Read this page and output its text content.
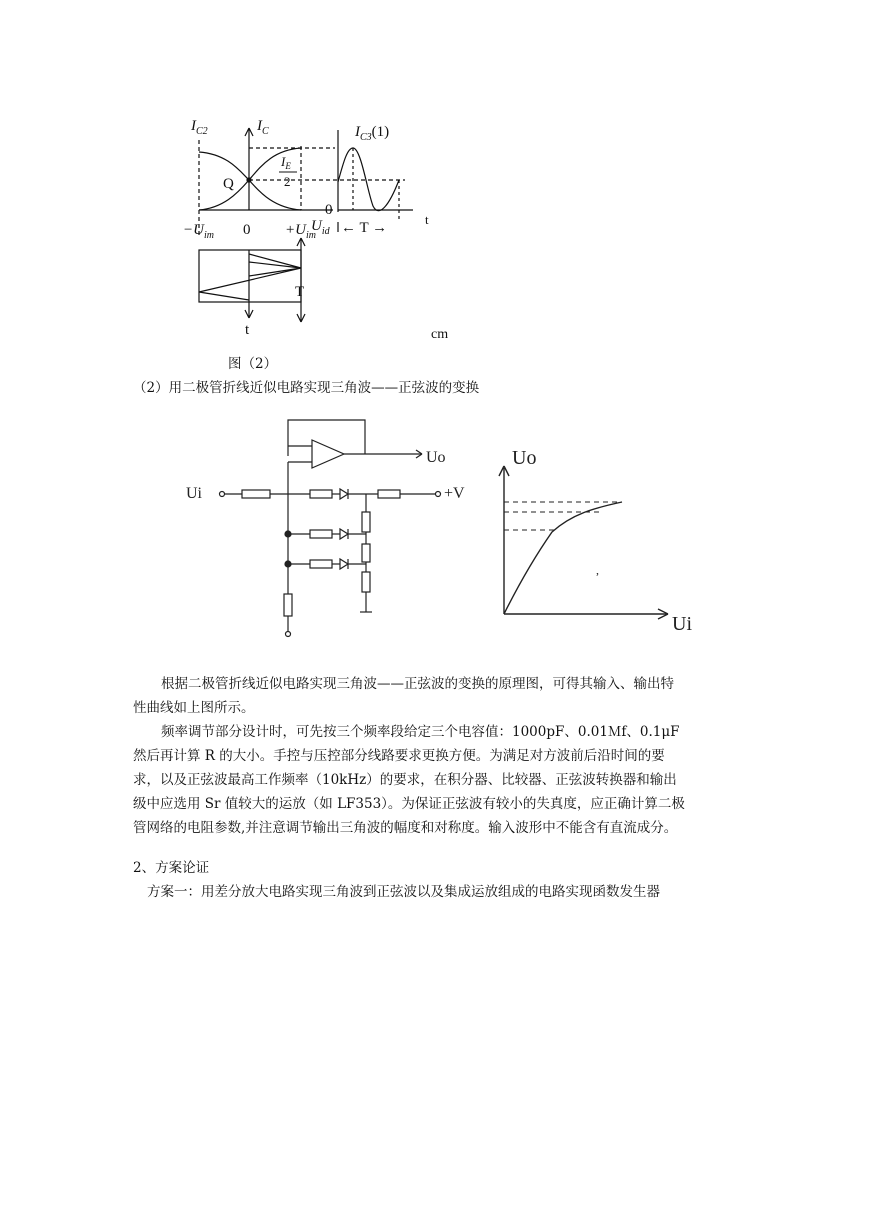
$I_{C2}$	$I_C$	$I_{C3}(1)$
$I_E$
2
Q
0
$-U_{im}$ $0 +U_{im}$
$U_{id}$ ← T →
t
t
T
cm
图（2）
（2）用二极管折线近似电路实现三角波——正弦波的变换
Ui
Uo
+V
Uo
Ui
,
根据二极管折线近似电路实现三角波——正弦波的变换的原理图，可得其输入、输出特
性曲线如上图所示。
频率调节部分设计时，可先按三个频率段给定三个电容值：1000pF、0.01Ｍf、0.1μF
然后再计算 R 的大小。手控与压控部分线路要求更换方便。为满足对方波前后沿时间的要
求，以及正弦波最高工作频率（10kHz）的要求，在积分器、比较器、正弦波转换器和输出
级中应选用 Sr 值较大的运放（如 LF353）。为保证正弦波有较小的失真度，应正确计算二极
管网络的电阻参数,并注意调节输出三角波的幅度和对称度。输入波形中不能含有直流成分。
2、方案论证
方案一：用差分放大电路实现三角波到正弦波以及集成运放组成的电路实现函数发生器
